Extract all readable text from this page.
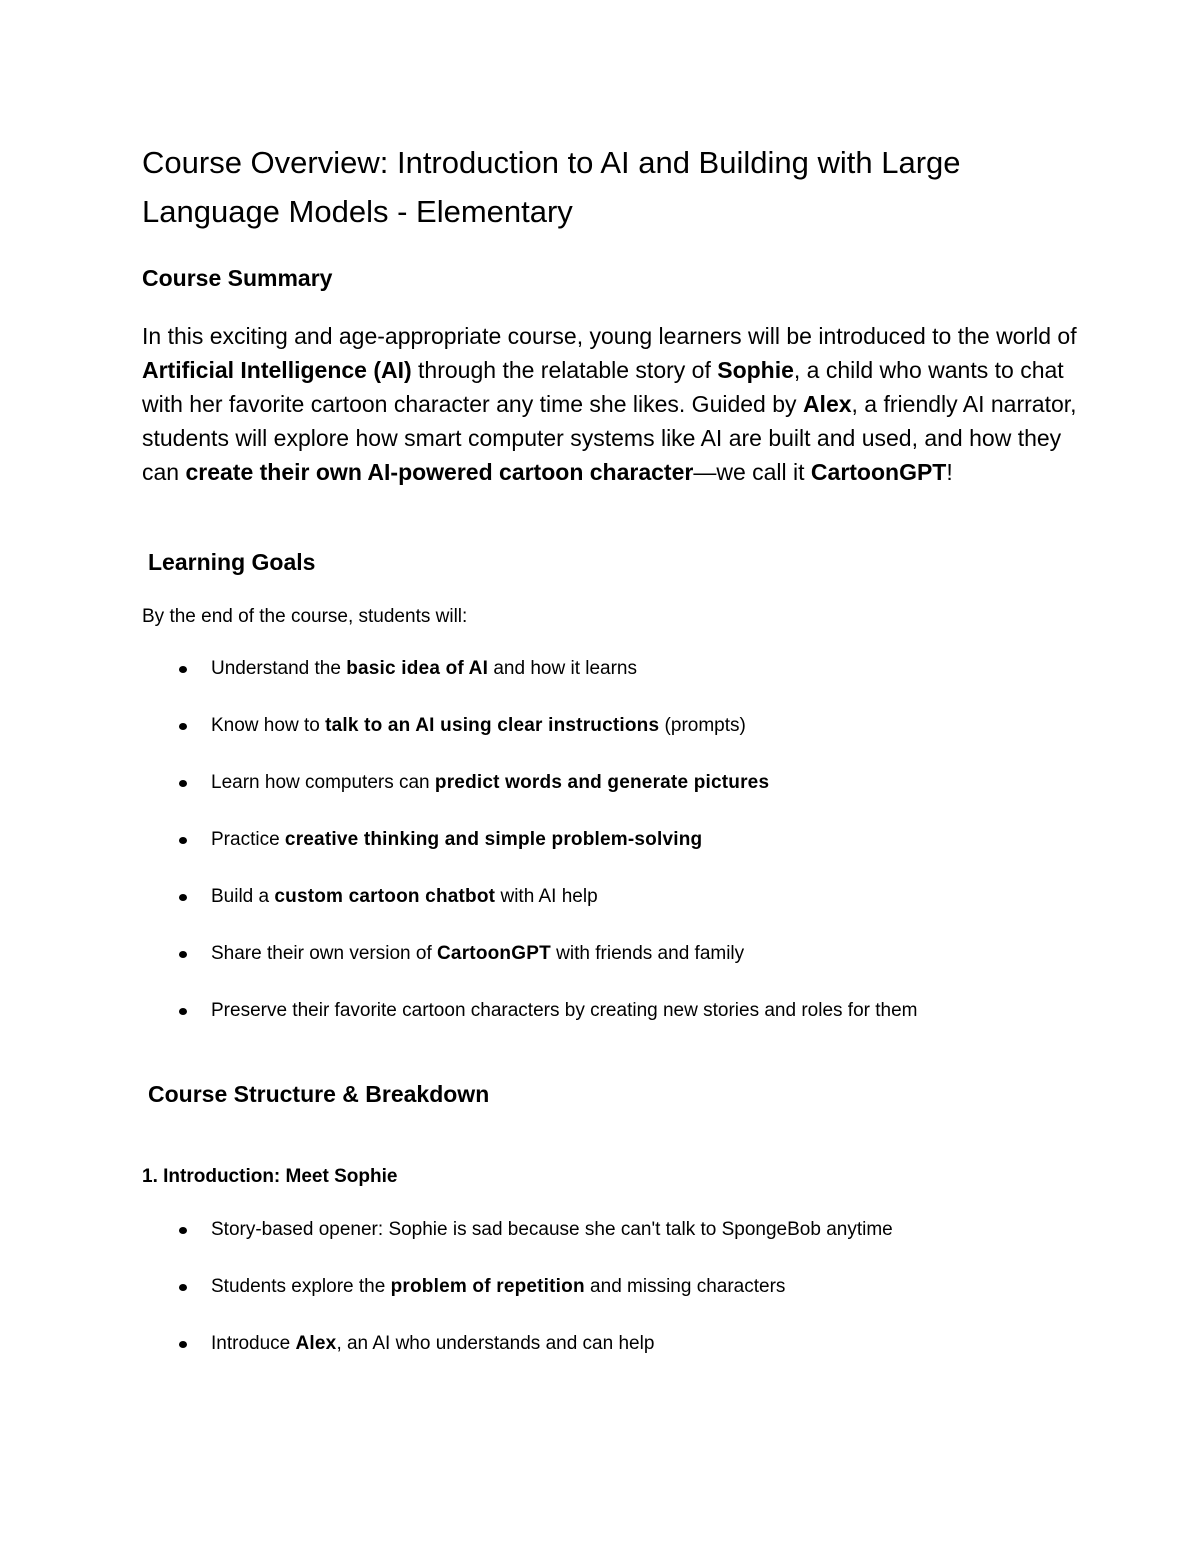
Course Overview: Introduction to AI and Building with Large Language Models - Elementary
Course Summary

In this exciting and age-appropriate course, young learners will be introduced to the world of Artificial Intelligence (AI) through the relatable story of Sophie, a child who wants to chat with her favorite cartoon character any time she likes. Guided by Alex, a friendly AI narrator, students will explore how smart computer systems like AI are built and used, and how they can create their own AI-powered cartoon character—we call it CartoonGPT!

Learning Goals

By the end of the course, students will:

Understand the basic idea of AI and how it learns
Know how to talk to an AI using clear instructions (prompts)
Learn how computers can predict words and generate pictures
Practice creative thinking and simple problem-solving
Build a custom cartoon chatbot with AI help
Share their own version of CartoonGPT with friends and family
Preserve their favorite cartoon characters by creating new stories and roles for them
Course Structure & Breakdown
1. Introduction: Meet Sophie
Story-based opener: Sophie is sad because she can't talk to SpongeBob anytime
Students explore the problem of repetition and missing characters
Introduce Alex, an AI who understands and can help
